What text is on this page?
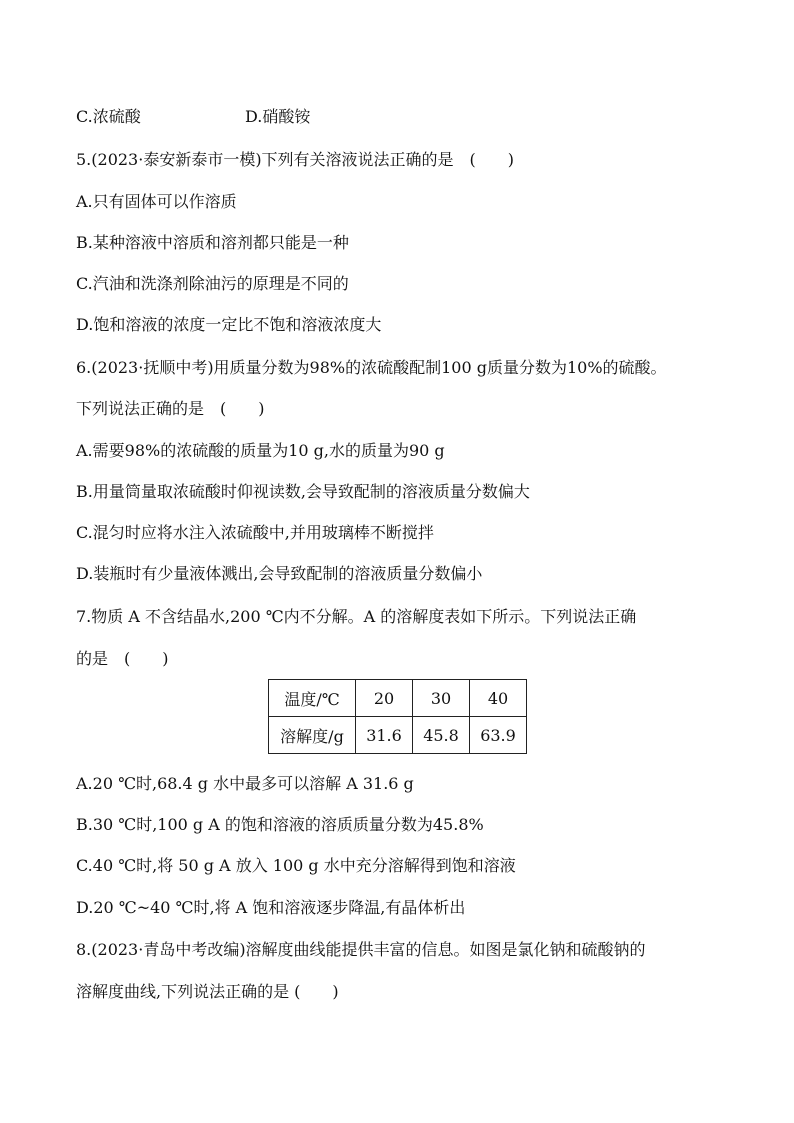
C.浓硫酸	D.硝酸铵
5.(2023·泰安新泰市一模)下列有关溶液说法正确的是　(　　)
A.只有固体可以作溶质
B.某种溶液中溶质和溶剂都只能是一种
C.汽油和洗涤剂除油污的原理是不同的
D.饱和溶液的浓度一定比不饱和溶液浓度大
6.(2023·抚顺中考)用质量分数为98%的浓硫酸配制100 g质量分数为10%的硫酸。
下列说法正确的是　(　　)
A.需要98%的浓硫酸的质量为10 g,水的质量为90 g
B.用量筒量取浓硫酸时仰视读数,会导致配制的溶液质量分数偏大
C.混匀时应将水注入浓硫酸中,并用玻璃棒不断搅拌
D.装瓶时有少量液体溅出,会导致配制的溶液质量分数偏小
7.物质 A 不含结晶水,200 ℃内不分解。A 的溶解度表如下所示。下列说法正确
的是　(　　)
温度/℃	20	30	40
溶解度/g	31.6	45.8	63.9
A.20 ℃时,68.4 g 水中最多可以溶解 A 31.6 g
B.30 ℃时,100 g A 的饱和溶液的溶质质量分数为45.8%
C.40 ℃时,将 50 g A 放入 100 g 水中充分溶解得到饱和溶液
D.20 ℃~40 ℃时,将 A 饱和溶液逐步降温,有晶体析出
8.(2023·青岛中考改编)溶解度曲线能提供丰富的信息。如图是氯化钠和硫酸钠的
溶解度曲线,下列说法正确的是 (　　)
